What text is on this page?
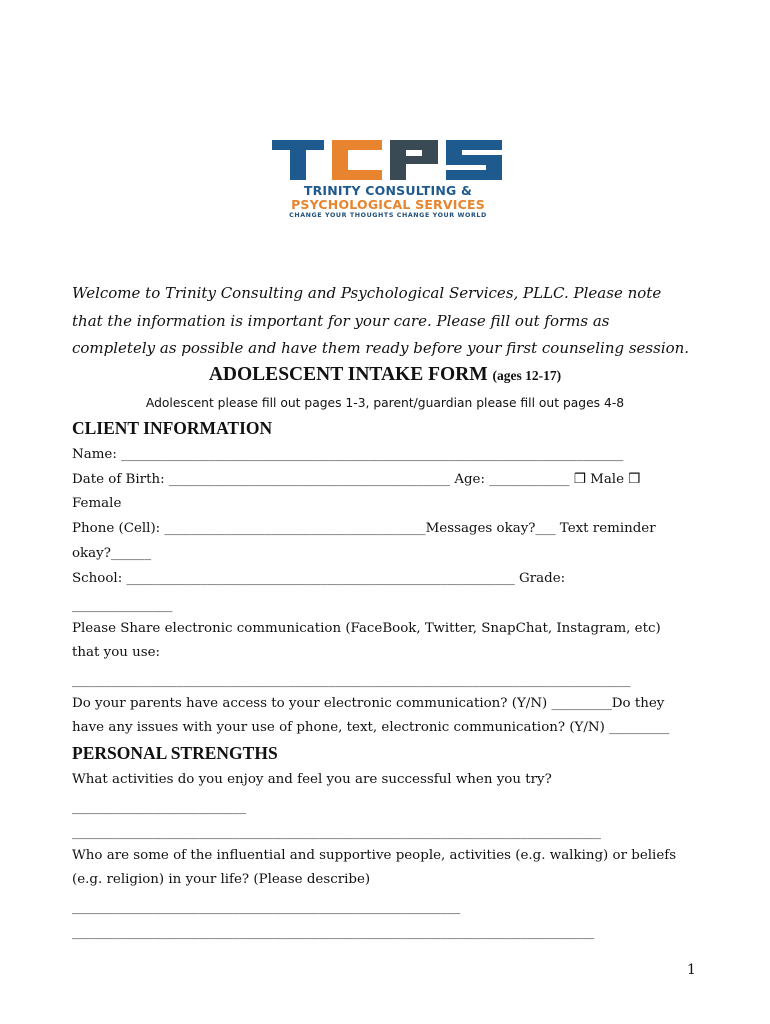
TRINITY CONSULTING &
PSYCHOLOGICAL SERVICES
CHANGE YOUR THOUGHTS CHANGE YOUR WORLD
Welcome to Trinity Consulting and Psychological Services, PLLC. Please note
that the information is important for your care. Please fill out forms as
completely as possible and have them ready before your first counseling session.
ADOLESCENT INTAKE FORM (ages 12-17)
Adolescent please fill out pages 1-3, parent/guardian please fill out pages 4-8
CLIENT INFORMATION
Name: ___________________________________________________________________________
Date of Birth: __________________________________________ Age: ____________ ❒ Male ❒
Female
Phone (Cell): _______________________________________Messages okay?___ Text reminder
okay?______
School: __________________________________________________________ Grade:
_______________
Please Share electronic communication (FaceBook, Twitter, SnapChat, Instagram, etc)
that you use:
_____________________________________________________________________________________
Do your parents have access to your electronic communication? (Y/N) _________Do they
have any issues with your use of phone, text, electronic communication? (Y/N) _________
PERSONAL STRENGTHS
What activities do you enjoy and feel you are successful when you try?
__________________________
_______________________________________________________________________________
Who are some of the influential and supportive people, activities (e.g. walking) or beliefs
(e.g. religion) in your life? (Please describe)
__________________________________________________________
______________________________________________________________________________
1
